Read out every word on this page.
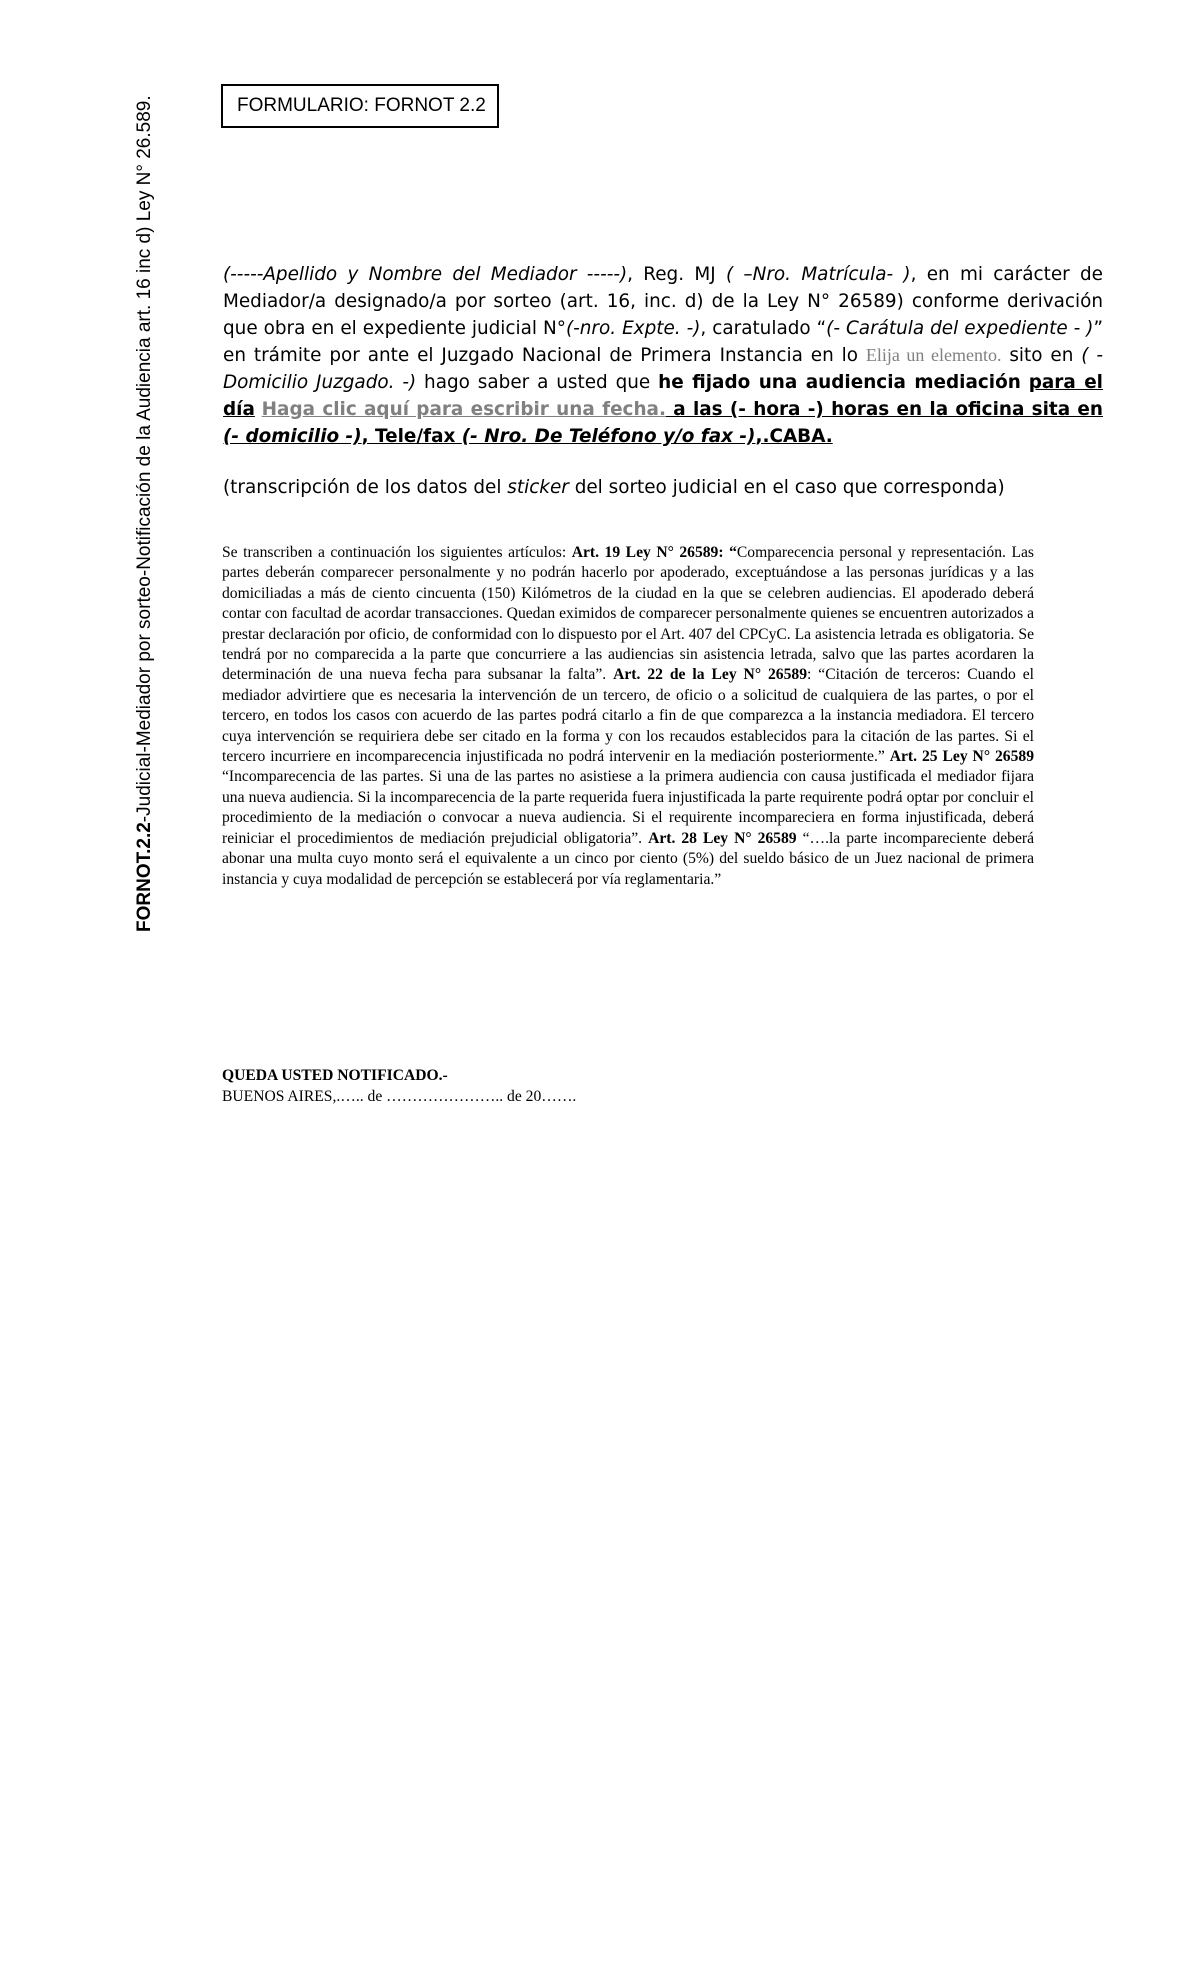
FORNOT.2.2-Judicial-Mediador por sorteo-Notificación de la Audiencia art. 16 inc d) Ley N° 26.589.	FORMULARIO: FORNOT 2.2
(-----Apellido y Nombre del Mediador -----), Reg. MJ ( –Nro. Matrícula- ), en mi carácter de Mediador/a designado/a por sorteo (art. 16, inc. d) de la Ley N° 26589) conforme derivación que obra en el expediente judicial N°(-nro. Expte. -), caratulado “(- Carátula del expediente - )” en trámite por ante el Juzgado Nacional de Primera Instancia en lo Elija un elemento. sito en ( - Domicilio Juzgado. -) hago saber a usted que he fijado una audiencia mediación para el día Haga clic aquí para escribir una fecha. a las (- hora -) horas en la oficina sita en (- domicilio -), Tele/fax (- Nro. De Teléfono y/o fax -),.CABA.
(transcripción de los datos del sticker del sorteo judicial en el caso que corresponda)
Se transcriben a continuación los siguientes artículos: Art. 19 Ley N° 26589: “Comparecencia personal y representación. Las partes deberán comparecer personalmente y no podrán hacerlo por apoderado, exceptuándose a las personas jurídicas y a las domiciliadas a más de ciento cincuenta (150) Kilómetros de la ciudad en la que se celebren audiencias. El apoderado deberá contar con facultad de acordar transacciones. Quedan eximidos de comparecer personalmente quienes se encuentren autorizados a prestar declaración por oficio, de conformidad con lo dispuesto por el Art. 407 del CPCyC. La asistencia letrada es obligatoria. Se tendrá por no comparecida a la parte que concurriere a las audiencias sin asistencia letrada, salvo que las partes acordaren la determinación de una nueva fecha para subsanar la falta”. Art. 22 de la Ley N° 26589: “Citación de terceros: Cuando el mediador advirtiere que es necesaria la intervención de un tercero, de oficio o a solicitud de cualquiera de las partes, o por el tercero, en todos los casos con acuerdo de las partes podrá citarlo a fin de que comparezca a la instancia mediadora. El tercero cuya intervención se requiriera debe ser citado en la forma y con los recaudos establecidos para la citación de las partes. Si el tercero incurriere en incomparecencia injustificada no podrá intervenir en la mediación posteriormente.” Art. 25 Ley N° 26589 “Incomparecencia de las partes. Si una de las partes no asistiese a la primera audiencia con causa justificada el mediador fijara una nueva audiencia. Si la incomparecencia de la parte requerida fuera injustificada la parte requirente podrá optar por concluir el procedimiento de la mediación o convocar a nueva audiencia. Si el requirente incompareciera en forma injustificada, deberá reiniciar el procedimientos de mediación prejudicial obligatoria”. Art. 28 Ley N° 26589 “….la parte incompareciente deberá abonar una multa cuyo monto será el equivalente a un cinco por ciento (5%) del sueldo básico de un Juez nacional de primera instancia y cuya modalidad de percepción se establecerá por vía reglamentaria.”
QUEDA USTED NOTIFICADO.-
BUENOS AIRES,.….. de ………………….. de 20…….
